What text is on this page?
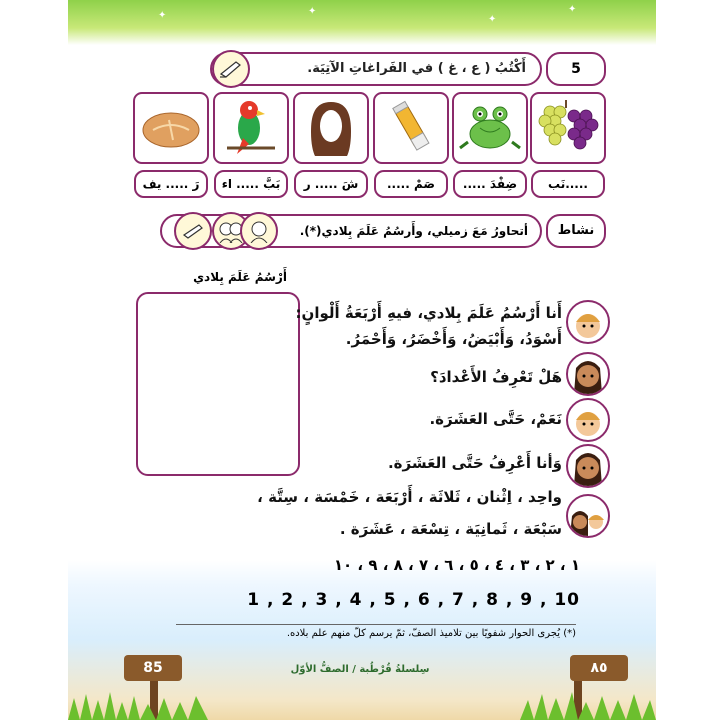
✦	✦
✦
✦
5
أَكْتُبُ ( ع ، غ ) في الفَراغاتِ الآتِيَة.
.....نَب
ضِفْدَ .....
صَمْ .....
شَ ..... ر
بَبَّ ..... اء
رَ ..... يف
نشاط
أتحاورُ مَعَ زميلي، وأَرسُمُ عَلَمَ بِلادي(*).
أَرْسُمُ عَلَمَ بِلادي
أَنا أَرْسُمُ عَلَمَ بِلادي، فيهِ أَرْبَعَةُ أَلْوانٍ:
أَسْوَدُ، وَأَبْيَضُ، وَأَخْضَرُ، وَأَحْمَرُ.
هَلْ تَعْرِفُ الأَعْدادَ؟
نَعَمْ، حَتَّى العَشَرَة.
وَأنا أَعْرِفُ حَتَّى العَشَرَة.
واحِد ، اِثْنان ، ثَلاثَة ، أَرْبَعَة ، خَمْسَة ، سِتَّة ،
سَبْعَة ، ثَمانِيَة ، تِسْعَة ، عَشَرَة .
١ ، ٢ ، ٣ ، ٤ ، ٥ ، ٦ ، ٧ ، ٨ ، ٩ ، ١٠
1 , 2 , 3 , 4 , 5 , 6 , 7 , 8 , 9 , 10
(*) يُجرى الحوار شفويًا بين تلاميذ الصفّ، ثمّ يرسم كلّ منهم علم بلاده.
85	٨٥
سِلسلةُ قُرْطُبة / الصفُّ الأوّل
